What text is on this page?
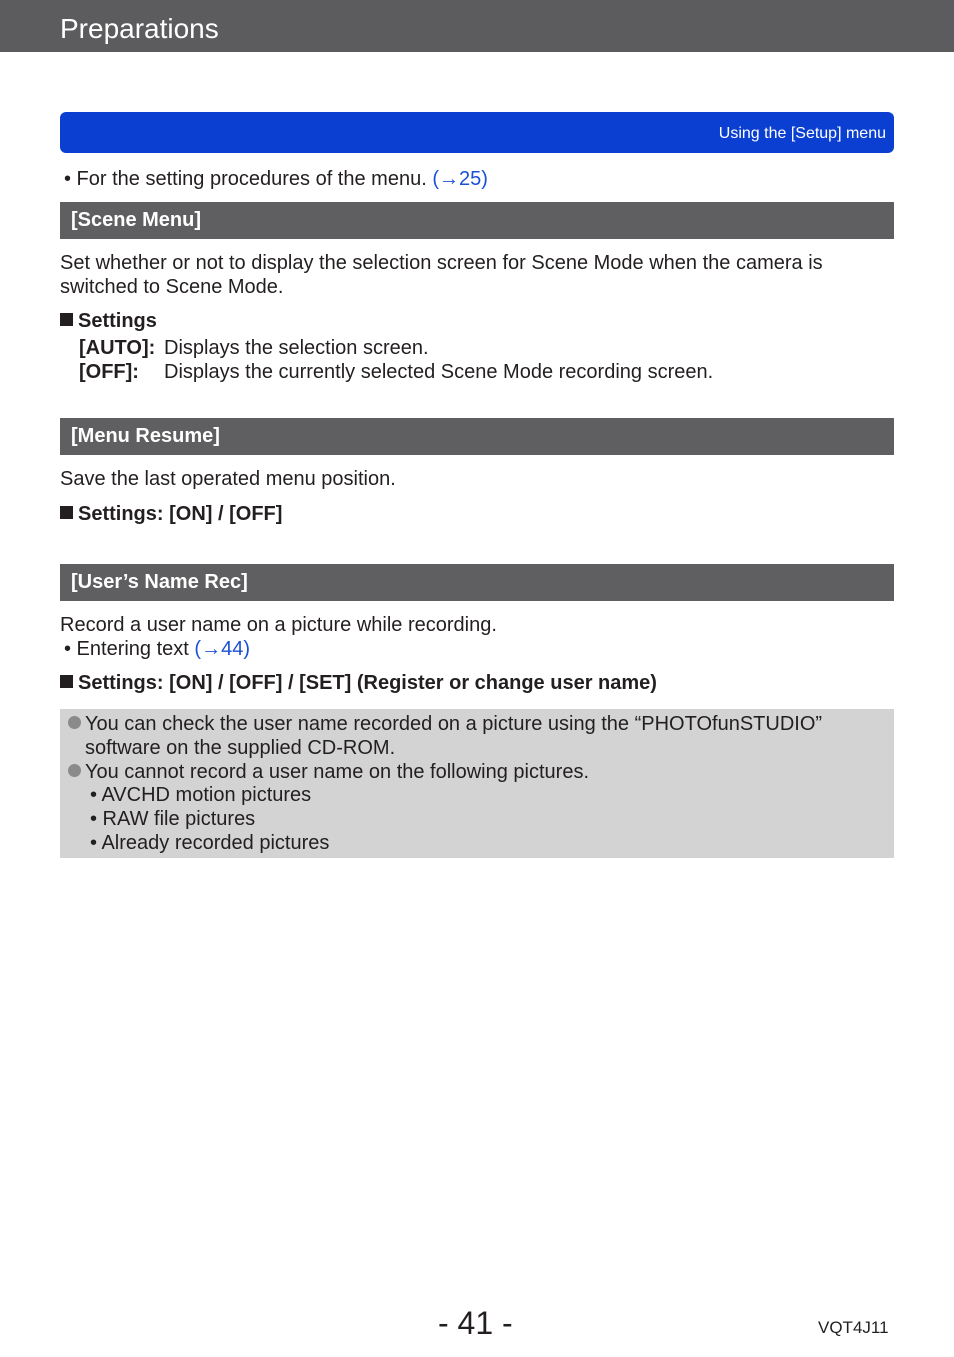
Preparations
Using the [Setup] menu
• For the setting procedures of the menu. (→25)
[Scene Menu]
Set whether or not to display the selection screen for Scene Mode when the camera is
switched to Scene Mode.
Settings
[AUTO]: Displays the selection screen.
[OFF]: Displays the currently selected Scene Mode recording screen.
[Menu Resume]
Save the last operated menu position.
Settings: [ON] / [OFF]
[User’s Name Rec]
Record a user name on a picture while recording.
• Entering text (→44)
Settings: [ON] / [OFF] / [SET] (Register or change user name)
You can check the user name recorded on a picture using the “PHOTOfunSTUDIO”
software on the supplied CD-ROM.
You cannot record a user name on the following pictures.
• AVCHD motion pictures
• RAW file pictures
• Already recorded pictures
- 41 -	VQT4J11
